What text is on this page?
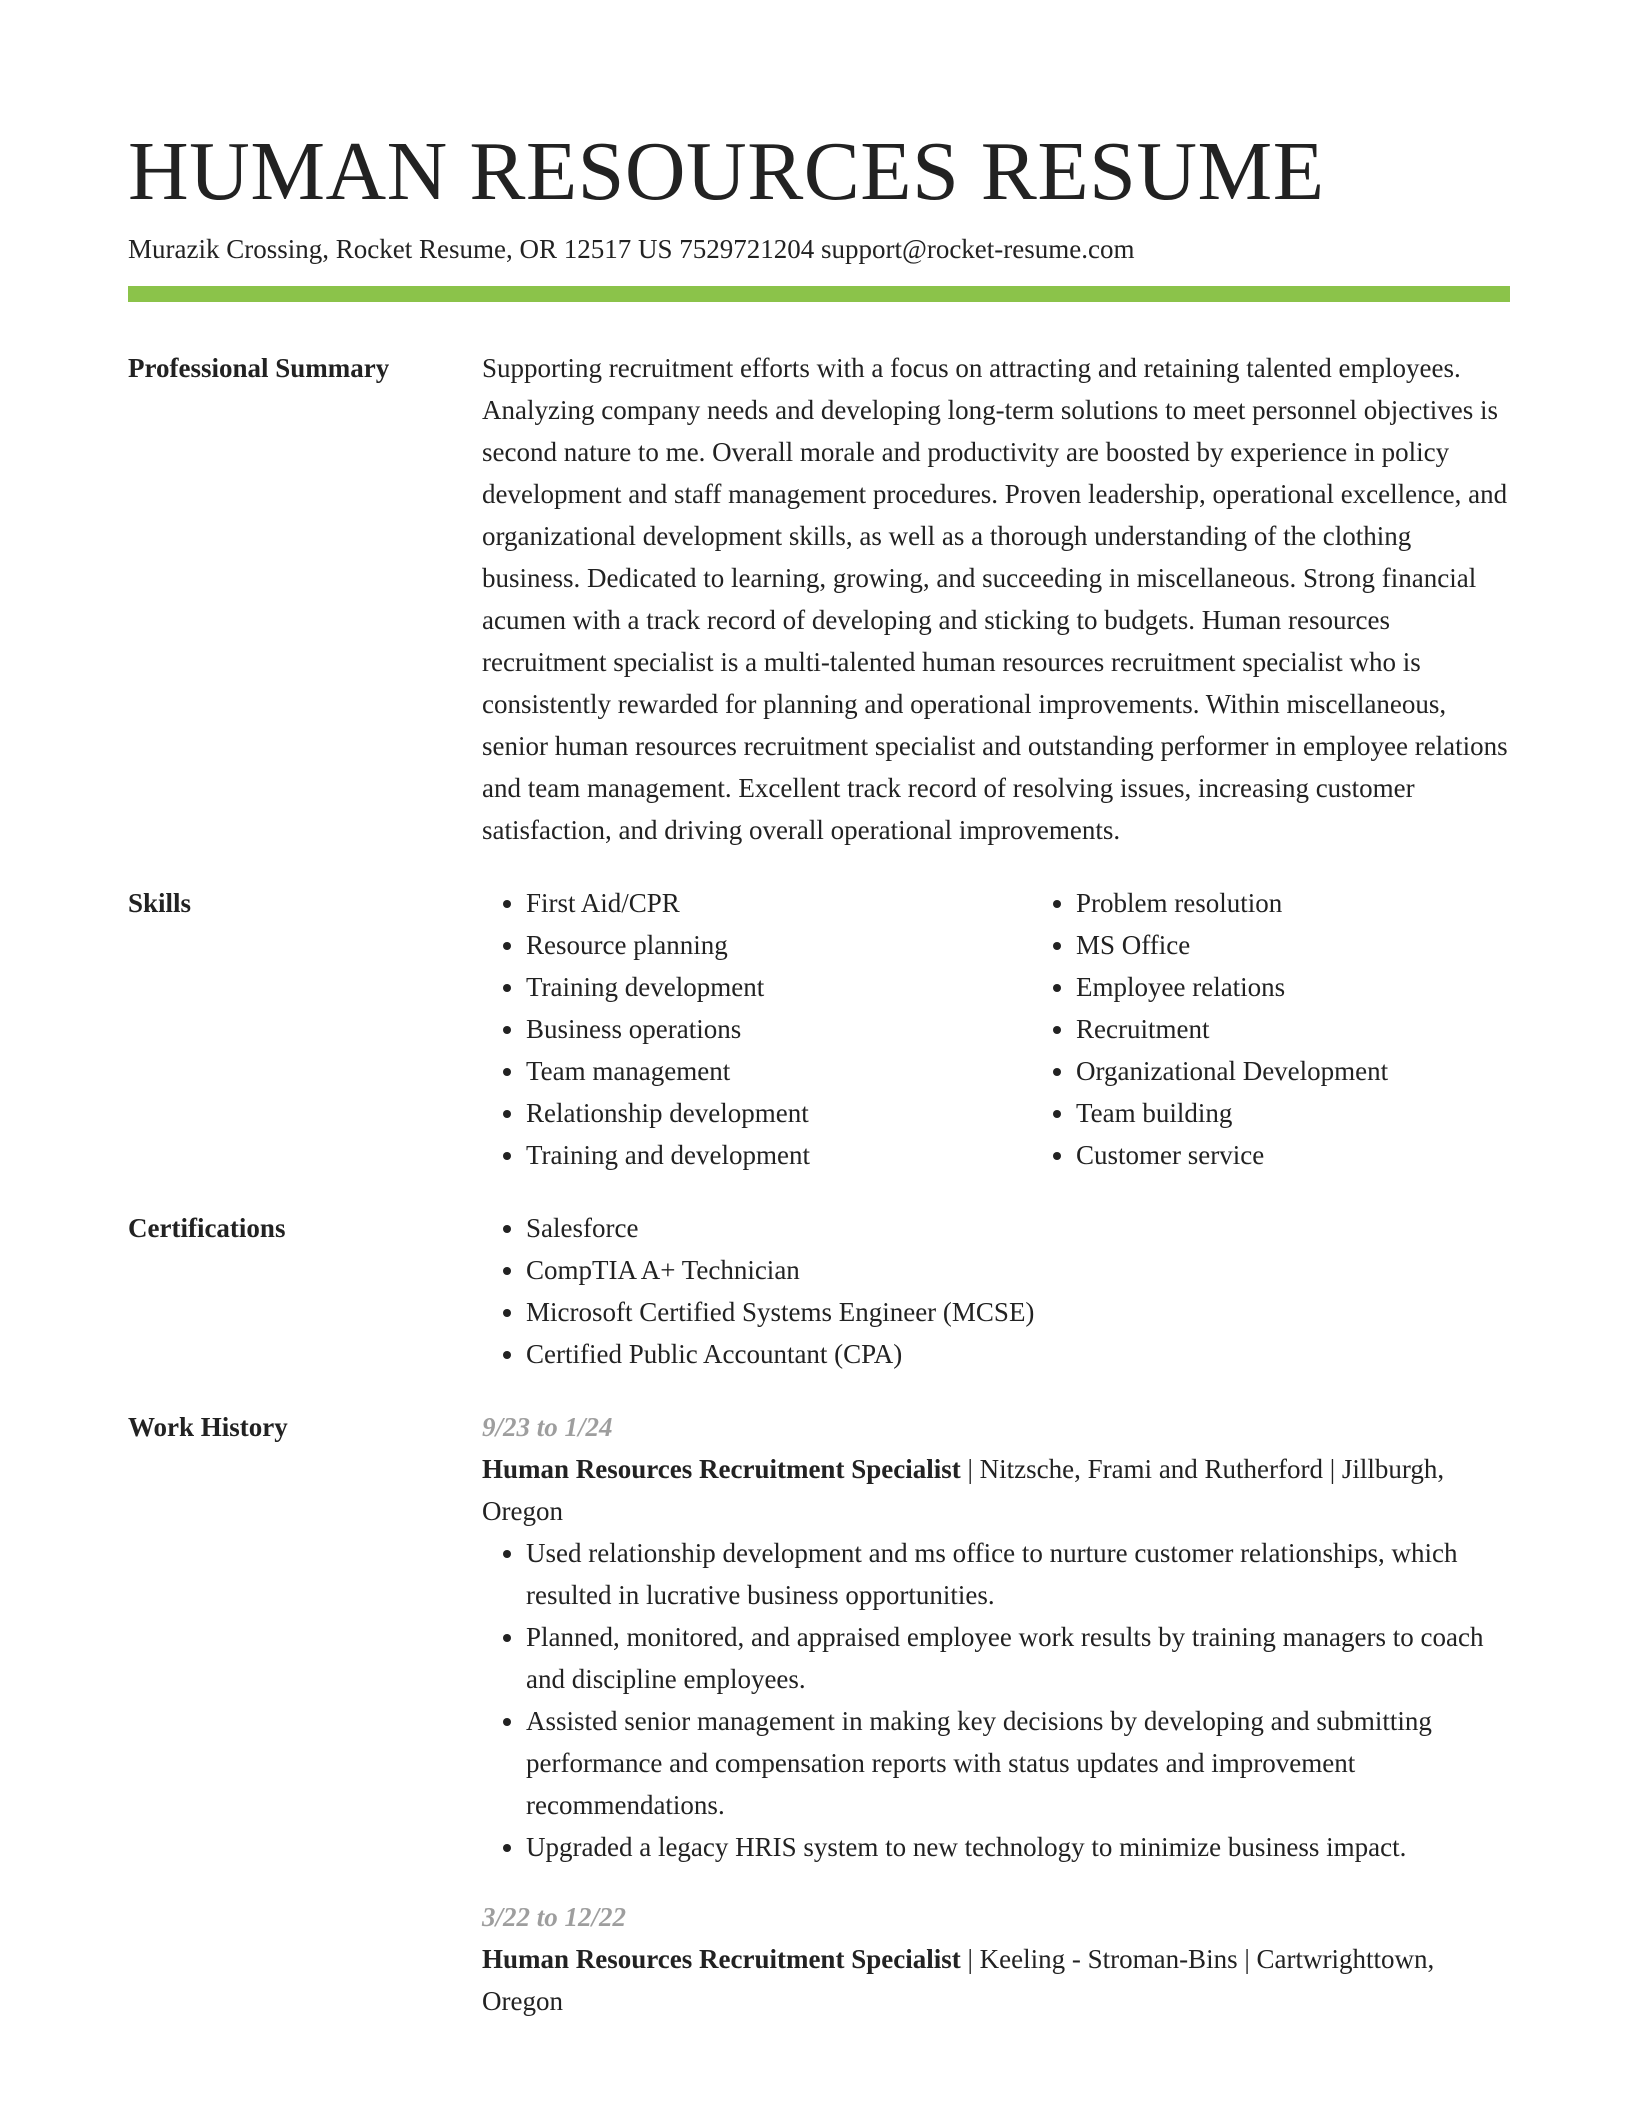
HUMAN RESOURCES RESUME
Murazik Crossing, Rocket Resume, OR 12517 US 7529721204 support@rocket-resume.com
Professional Summary	Supporting recruitment efforts with a focus on attracting and retaining talented employees. Analyzing company needs and developing long-term solutions to meet personnel objectives is second nature to me. Overall morale and productivity are boosted by experience in policy development and staff management procedures. Proven leadership, operational excellence, and organizational development skills, as well as a thorough understanding of the clothing business. Dedicated to learning, growing, and succeeding in miscellaneous. Strong financial acumen with a track record of developing and sticking to budgets. Human resources recruitment specialist is a multi-talented human resources recruitment specialist who is consistently rewarded for planning and operational improvements. Within miscellaneous, senior human resources recruitment specialist and outstanding performer in employee relations and team management. Excellent track record of resolving issues, increasing customer satisfaction, and driving overall operational improvements.

Skills	• First Aid/CPR
• Resource planning
• Training development
• Business operations
• Team management
• Relationship development
• Training and development
• Problem resolution
• MS Office
• Employee relations
• Recruitment
• Organizational Development
• Team building
• Customer service
Certifications	• Salesforce
• CompTIA A+ Technician
• Microsoft Certified Systems Engineer (MCSE)
• Certified Public Accountant (CPA)
Work History	9/23 to 1/24

Human Resources Recruitment Specialist | Nitzsche, Frami and Rutherford | Jillburgh, Oregon

• Used relationship development and ms office to nurture customer relationships, which resulted in lucrative business opportunities.
• Planned, monitored, and appraised employee work results by training managers to coach and discipline employees.
• Assisted senior management in making key decisions by developing and submitting performance and compensation reports with status updates and improvement recommendations.
• Upgraded a legacy HRIS system to new technology to minimize business impact.
3/22 to 12/22

Human Resources Recruitment Specialist | Keeling - Stroman-Bins | Cartwrighttown, Oregon
